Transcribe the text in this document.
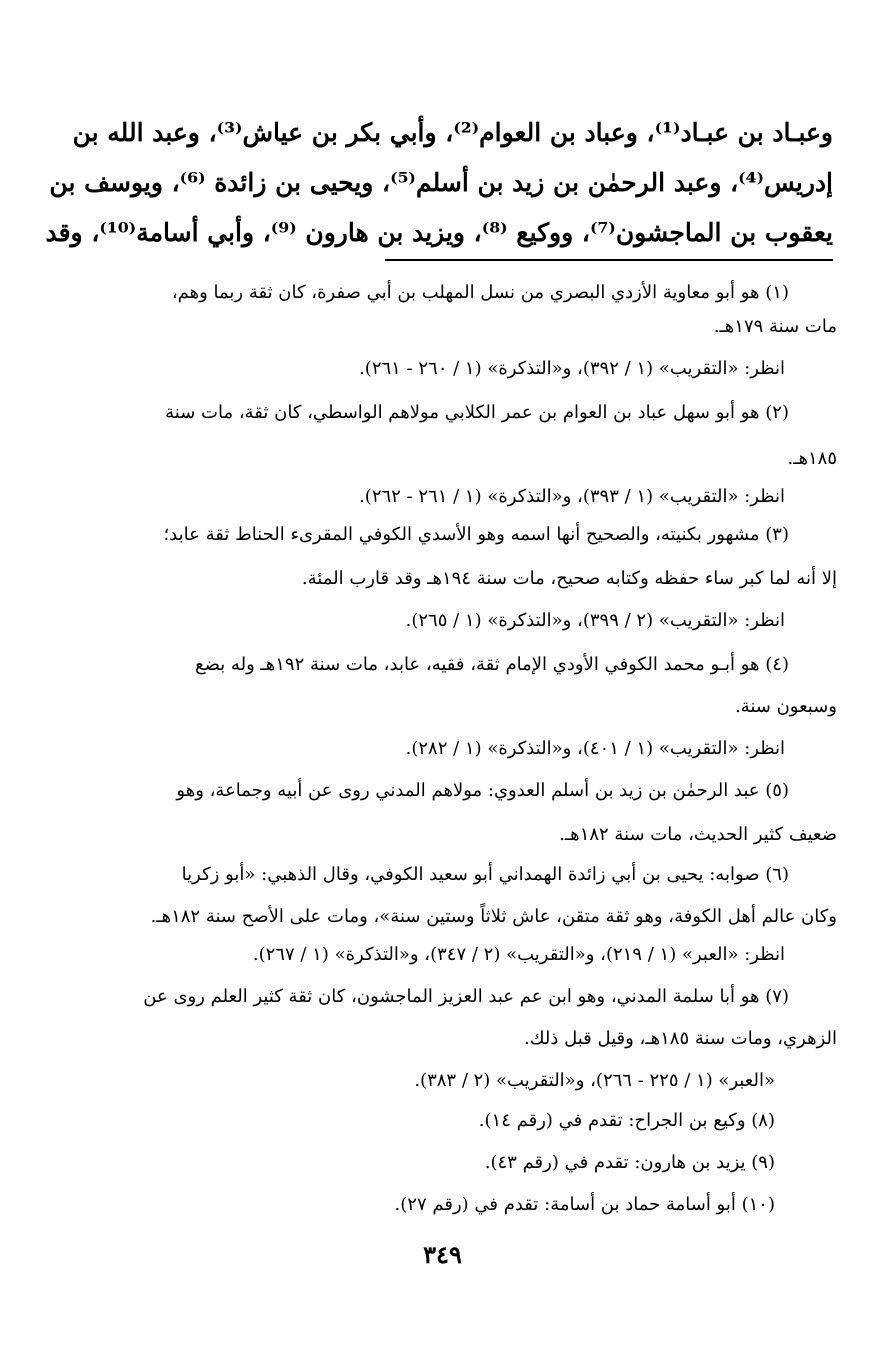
وعبـاد بن عبـاد⁽¹⁾، وعباد بن العوام⁽²⁾، وأبي بكر بن عياش⁽³⁾، وعبد الله بن
إدريس⁽⁴⁾، وعبد الرحمٰن بن زيد بن أسلم⁽⁵⁾، ويحيى بن زائدة ⁽⁶⁾، ويوسف بن
يعقوب بن الماجشون⁽⁷⁾، ووكيع ⁽⁸⁾، ويزيد بن هارون ⁽⁹⁾، وأبي أسامة⁽¹⁰⁾، وقد
(١) هو أبو معاوية الأزدي البصري من نسل المهلب بن أبي صفرة، كان ثقة ربما وهم،
مات سنة ١٧٩هـ.
انظر: «التقريب» (١ / ٣٩٢)، و«التذكرة» (١ / ٢٦٠ - ٢٦١).
(٢) هو أبو سهل عباد بن العوام بن عمر الكلابي مولاهم الواسطي، كان ثقة، مات سنة
١٨٥هـ.
انظر: «التقريب» (١ / ٣٩٣)، و«التذكرة» (١ / ٢٦١ - ٢٦٢).
(٣) مشهور بكنيته، والصحيح أنها اسمه وهو الأسدي الكوفي المقرىء الحناط ثقة عابد؛
إلا أنه لما كبر ساء حفظه وكتابه صحيح، مات سنة ١٩٤هـ وقد قارب المئة.
انظر: «التقريب» (٢ / ٣٩٩)، و«التذكرة» (١ / ٢٦٥).
(٤) هو أبـو محمد الكوفي الأودي الإمام ثقة، فقيه، عابد، مات سنة ١٩٢هـ وله بضع
وسبعون سنة.
انظر: «التقريب» (١ / ٤٠١)، و«التذكرة» (١ / ٢٨٢).
(٥) عبد الرحمٰن بن زيد بن أسلم العدوي: مولاهم المدني روى عن أبيه وجماعة، وهو
ضعيف كثير الحديث، مات سنة ١٨٢هـ.
(٦) صوابه: يحيى بن أبي زائدة الهمداني أبو سعيد الكوفي، وقال الذهبي: «أبو زكريا
وكان عالم أهل الكوفة، وهو ثقة متقن، عاش ثلاثاً وستين سنة»، ومات على الأصح سنة ١٨٢هـ.
انظر: «العبر» (١ / ٢١٩)، و«التقريب» (٢ / ٣٤٧)، و«التذكرة» (١ / ٢٦٧).
(٧) هو أبا سلمة المدني، وهو ابن عم عبد العزيز الماجشون، كان ثقة كثير العلم روى عن
الزهري، ومات سنة ١٨٥هـ، وقيل قبل ذلك.
«العبر» (١ / ٢٢٥ - ٢٦٦)، و«التقريب» (٢ / ٣٨٣).
(٨) وكيع بن الجراح: تقدم في (رقم ١٤).
(٩) يزيد بن هارون: تقدم في (رقم ٤٣).
(١٠) أبو أسامة حماد بن أسامة: تقدم في (رقم ٢٧).
٣٤٩
